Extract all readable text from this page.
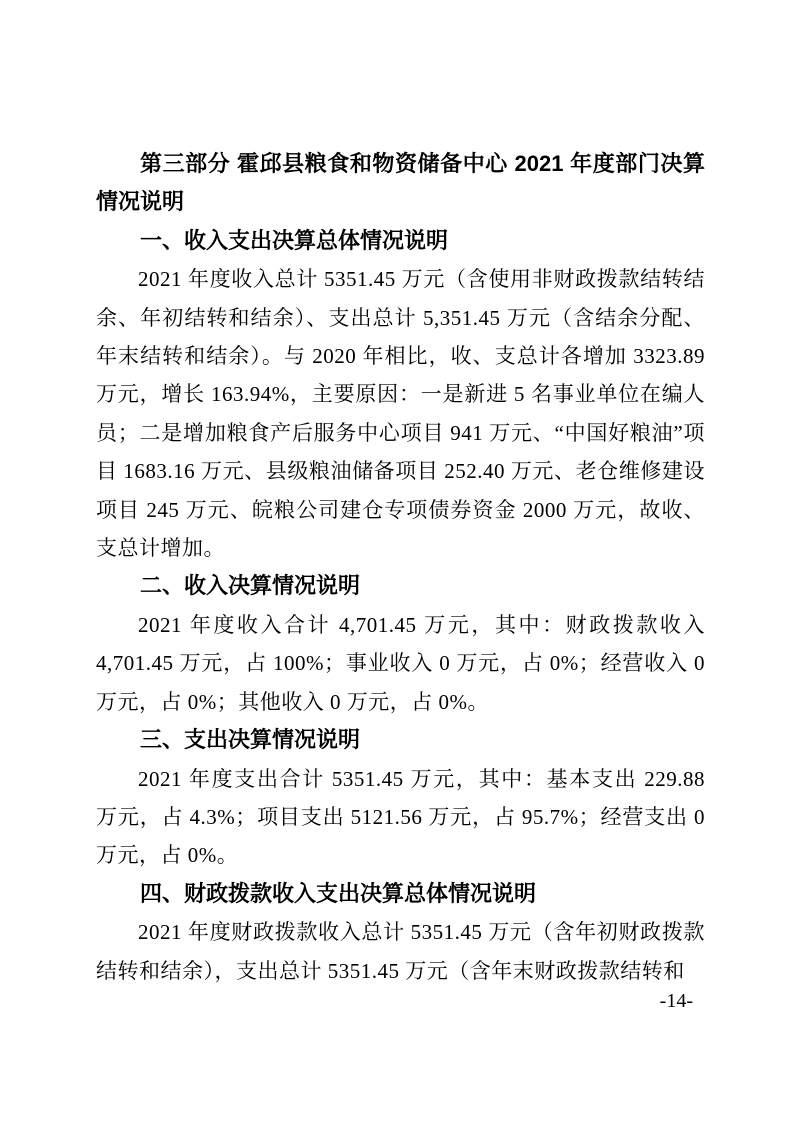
第三部分 霍邱县粮食和物资储备中心 2021 年度部门决算情况说明

一、收入支出决算总体情况说明

2021 年度收入总计 5351.45 万元（含使用非财政拨款结转结余、年初结转和结余）、支出总计 5,351.45 万元（含结余分配、年末结转和结余）。与 2020 年相比，收、支总计各增加 3323.89 万元，增长 163.94%，主要原因：一是新进 5 名事业单位在编人员；二是增加粮食产后服务中心项目 941 万元、“中国好粮油”项目 1683.16 万元、县级粮油储备项目 252.40 万元、老仓维修建设项目 245 万元、皖粮公司建仓专项债券资金 2000 万元，故收、支总计增加。

二、收入决算情况说明

2021 年度收入合计 4,701.45 万元，其中：财政拨款收入 4,701.45 万元，占 100%；事业收入 0 万元，占 0%；经营收入 0 万元，占 0%；其他收入 0 万元，占 0%。

三、支出决算情况说明

2021 年度支出合计 5351.45 万元，其中：基本支出 229.88 万元，占 4.3%；项目支出 5121.56 万元，占 95.7%；经营支出 0 万元，占 0%。

四、财政拨款收入支出决算总体情况说明

2021 年度财政拨款收入总计 5351.45 万元（含年初财政拨款结转和结余），支出总计 5351.45 万元（含年末财政拨款结转和

-14-
